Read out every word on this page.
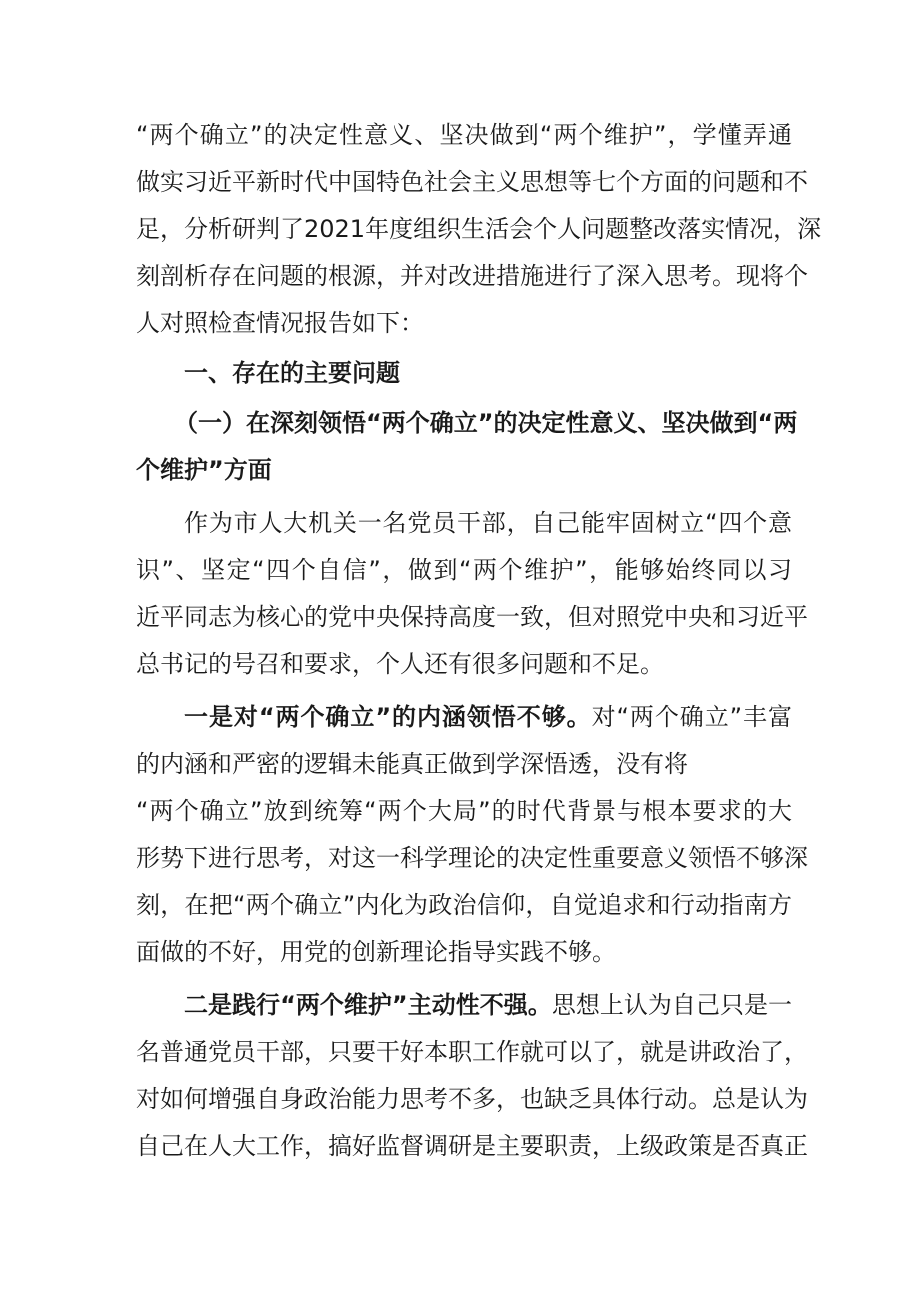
“两个确立”的决定性意义、坚决做到“两个维护”，学懂弄通
做实习近平新时代中国特色社会主义思想等七个方面的问题和不
足，分析研判了2021年度组织生活会个人问题整改落实情况，深
刻剖析存在问题的根源，并对改进措施进行了深入思考。现将个
人对照检查情况报告如下：
一、存在的主要问题
（一）在深刻领悟“两个确立”的决定性意义、坚决做到“两
个维护”方面
作为市人大机关一名党员干部，自己能牢固树立“四个意
识”、坚定“四个自信”，做到“两个维护”，能够始终同以习
近平同志为核心的党中央保持高度一致，但对照党中央和习近平
总书记的号召和要求，个人还有很多问题和不足。
一是对“两个确立”的内涵领悟不够。对“两个确立”丰富
的内涵和严密的逻辑未能真正做到学深悟透，没有将
“两个确立”放到统筹“两个大局”的时代背景与根本要求的大
形势下进行思考，对这一科学理论的决定性重要意义领悟不够深
刻，在把“两个确立”内化为政治信仰，自觉追求和行动指南方
面做的不好，用党的创新理论指导实践不够。
二是践行“两个维护”主动性不强。思想上认为自己只是一
名普通党员干部，只要干好本职工作就可以了，就是讲政治了，
对如何增强自身政治能力思考不多，也缺乏具体行动。总是认为
自己在人大工作，搞好监督调研是主要职责，上级政策是否真正
